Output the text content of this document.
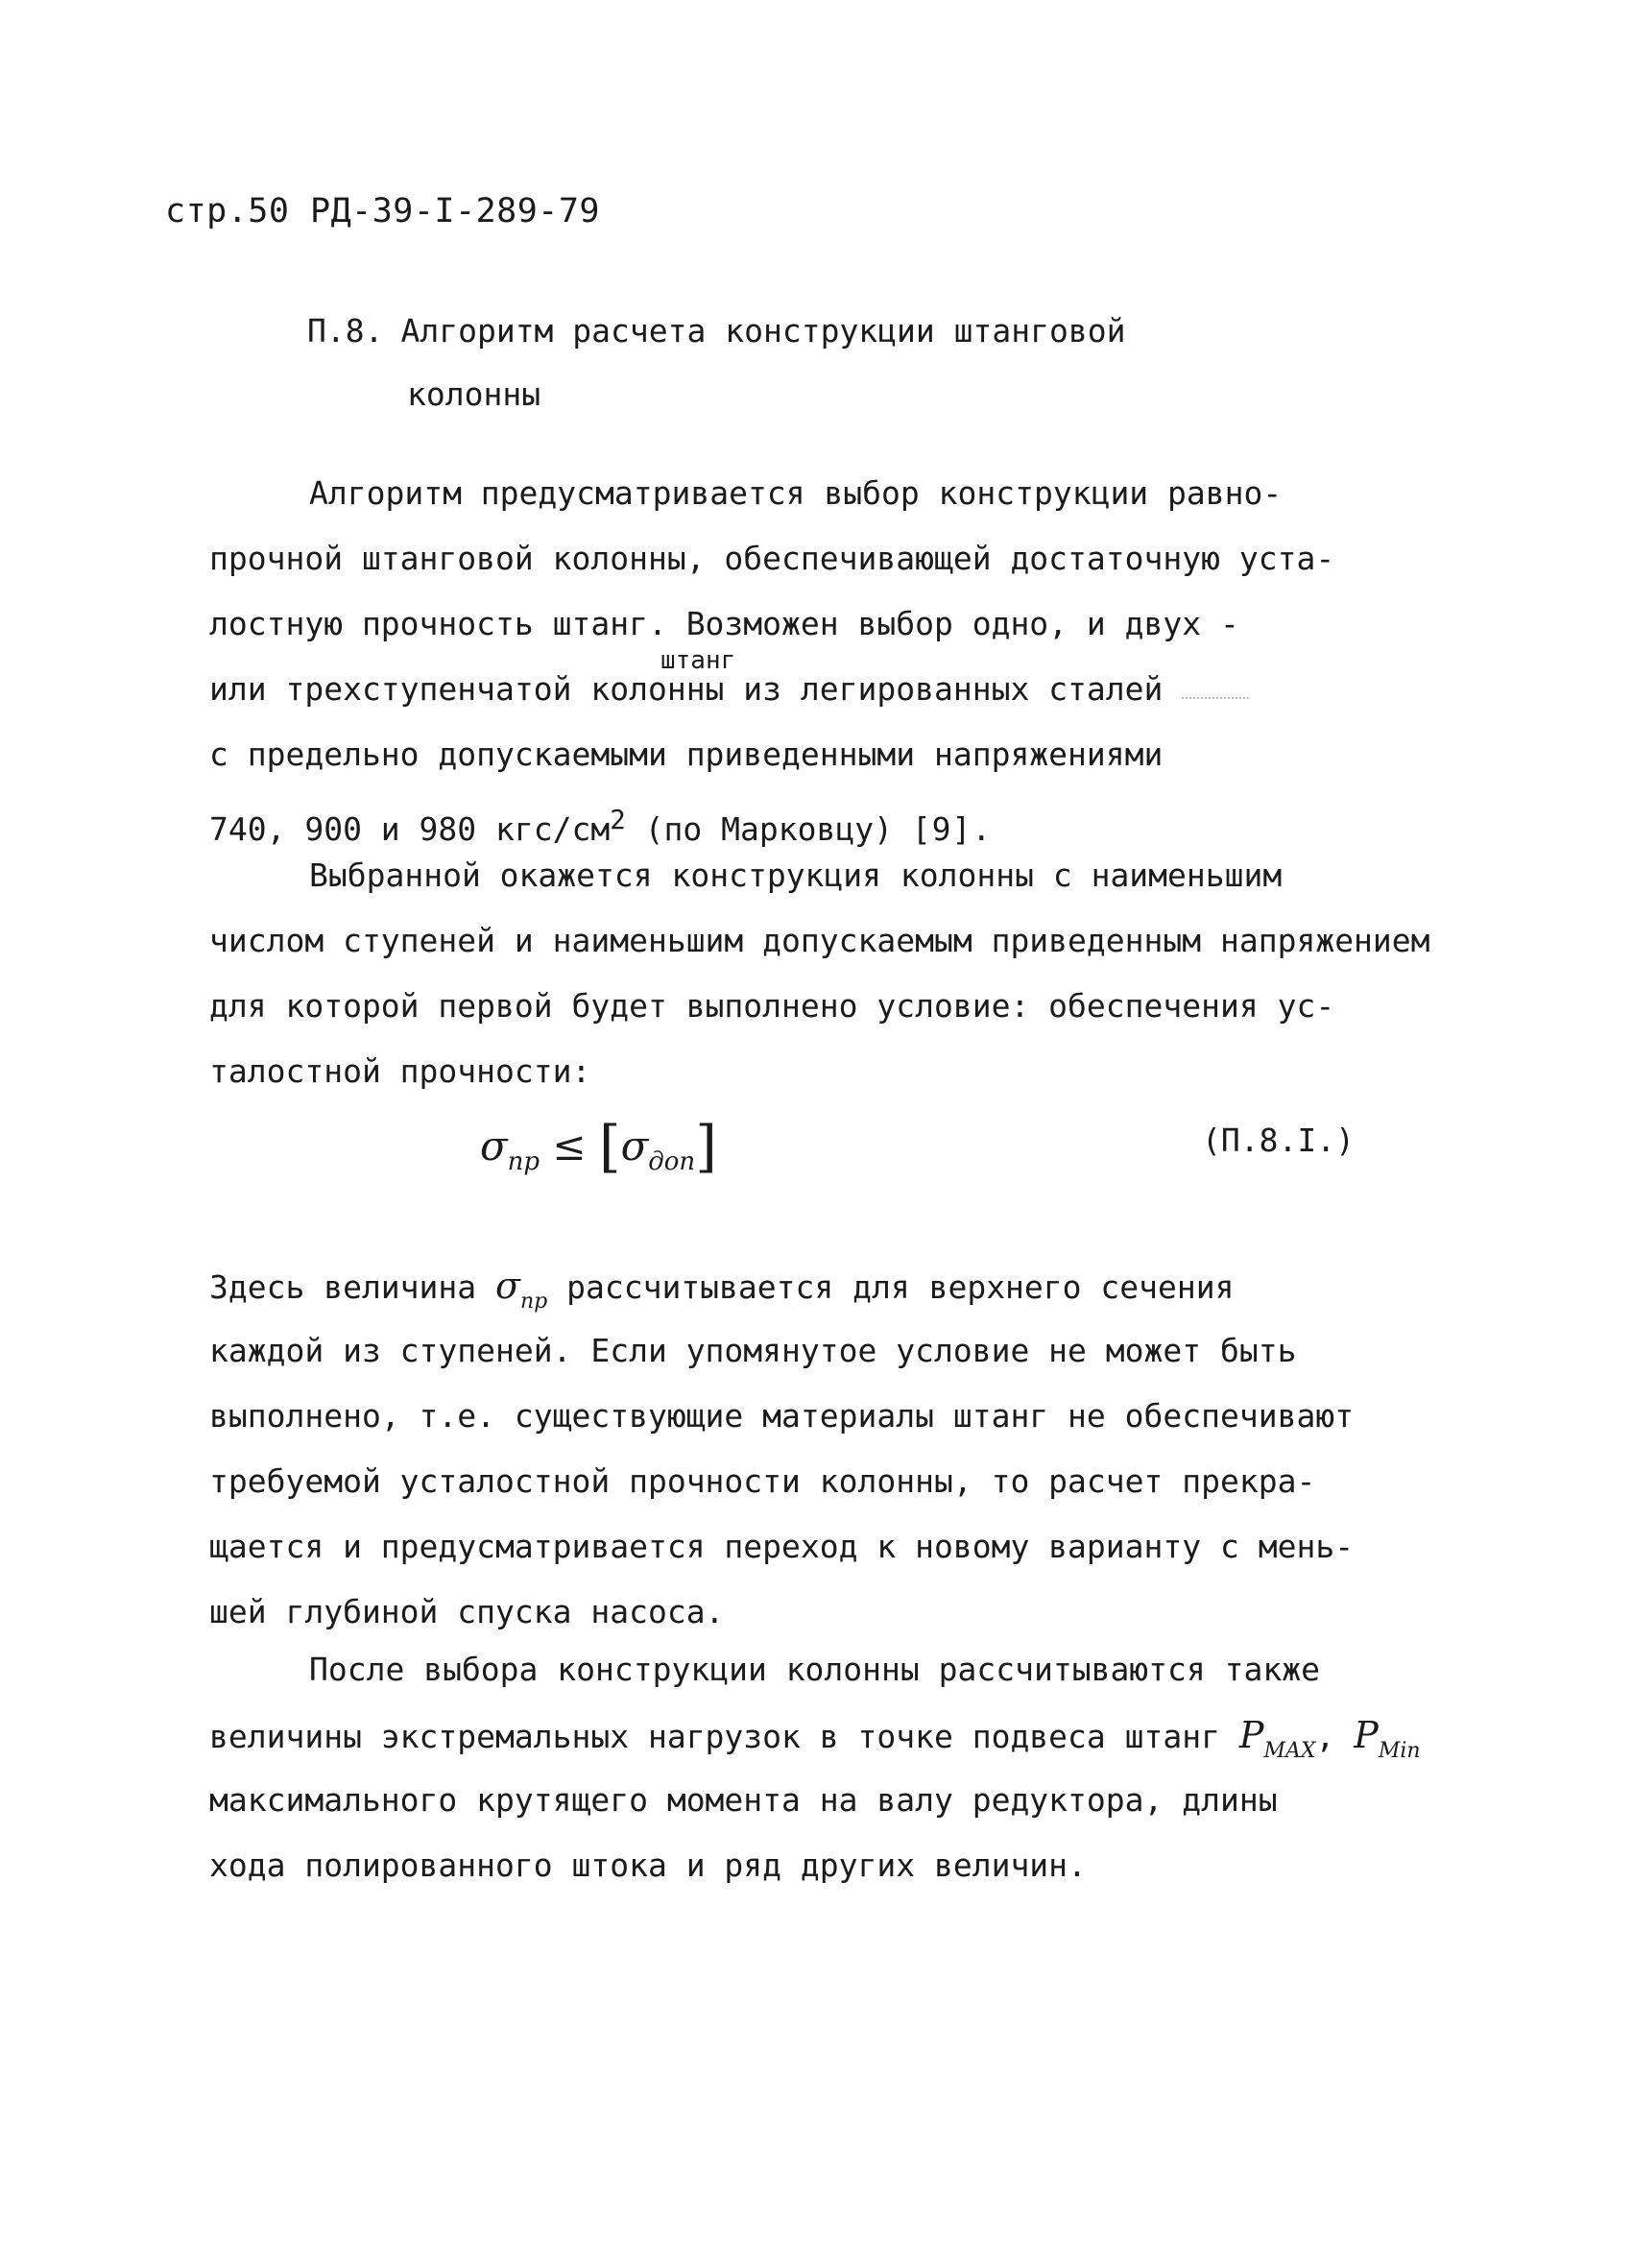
стр.50 РД-39-I-289-79
П.8. Алгоритм расчета конструкции штанговой
колонны
Алгоритм предусматривается выбор конструкции равно-
прочной штанговой колонны, обеспечивающей достаточную уста-
лостную прочность штанг. Возможен выбор одно, и двух -
или трехступенчатой колонны
штанг
из легированных сталей
с предельно допускаемыми приведенными напряжениями
740, 900 и 980 кгс/$см^2$ (по Марковцу) [9].
Выбранной окажется конструкция колонны с наименьшим
числом ступеней и наименьшим допускаемым приведенным напряжением
для которой первой будет выполнено условие: обеспечения ус-
талостной прочности:
$\sigma_{пр} \le [\sigma_{доп}]$	(П.8.I.)
Здесь величина $\sigma_{пр}$ рассчитывается для верхнего сечения
каждой из ступеней. Если упомянутое условие не может быть
выполнено, т.е. существующие материалы штанг не обеспечивают
требуемой усталостной прочности колонны, то расчет прекра-
щается и предусматривается переход к новому варианту с мень-
шей глубиной спуска насоса.
После выбора конструкции колонны рассчитываются также
величины экстремальных нагрузок в точке подвеса штанг $P_{MAX}$, $P_{Min}$
максимального крутящего момента на валу редуктора, длины
хода полированного штока и ряд других величин.
